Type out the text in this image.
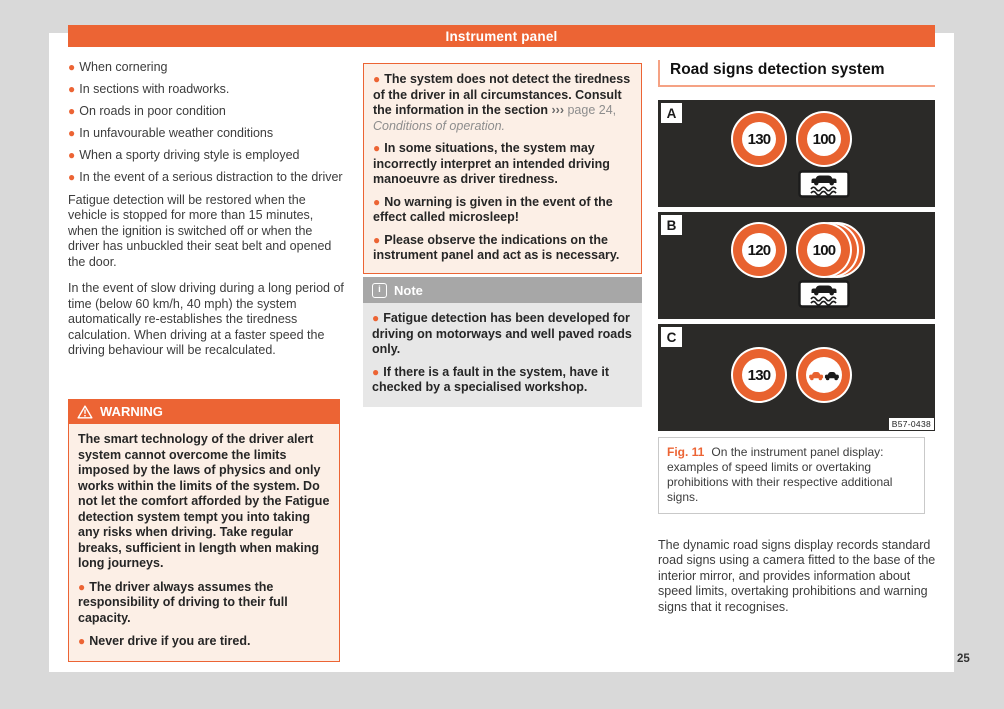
Instrument panel

● When cornering

● In sections with roadworks.

● On roads in poor condition

● In unfavourable weather conditions

● When a sporty driving style is employed

● In the event of a serious distraction to the driver

Fatigue detection will be restored when the vehicle is stopped for more than 15 minutes, when the ignition is switched off or when the driver has unbuckled their seat belt and opened the door.

In the event of slow driving during a long period of time (below 60 km/h, 40 mph) the system automatically re-establishes the tiredness calculation. When driving at a faster speed the driving behaviour will be recalculated.

WARNING
The smart technology of the driver alert system cannot overcome the limits imposed by the laws of physics and only works within the limits of the system. Do not let the comfort afforded by the Fatigue detection system tempt you into taking any risks when driving. Take regular breaks, sufficient in length when making long journeys.

● The driver always assumes the responsibility of driving to their full capacity.

● Never drive if you are tired.

● The system does not detect the tiredness of the driver in all circumstances. Consult the information in the section ››› page 24, Conditions of operation.

● In some situations, the system may incorrectly interpret an intended driving manoeuvre as driver tiredness.

● No warning is given in the event of the effect called microsleep!

● Please observe the indications on the instrument panel and act as is necessary.

i Note

● Fatigue detection has been developed for driving on motorways and well paved roads only.

● If there is a fault in the system, have it checked by a specialised workshop.

Road signs detection system
A
130	100
B
120	100
C
130
B57-0438
Fig. 11 On the instrument panel display: examples of speed limits or overtaking prohibitions with their respective additional signs.

The dynamic road signs display records standard road signs using a camera fitted to the base of the interior mirror, and provides information about speed limits, overtaking prohibitions and warning signs that it recognises.

25
